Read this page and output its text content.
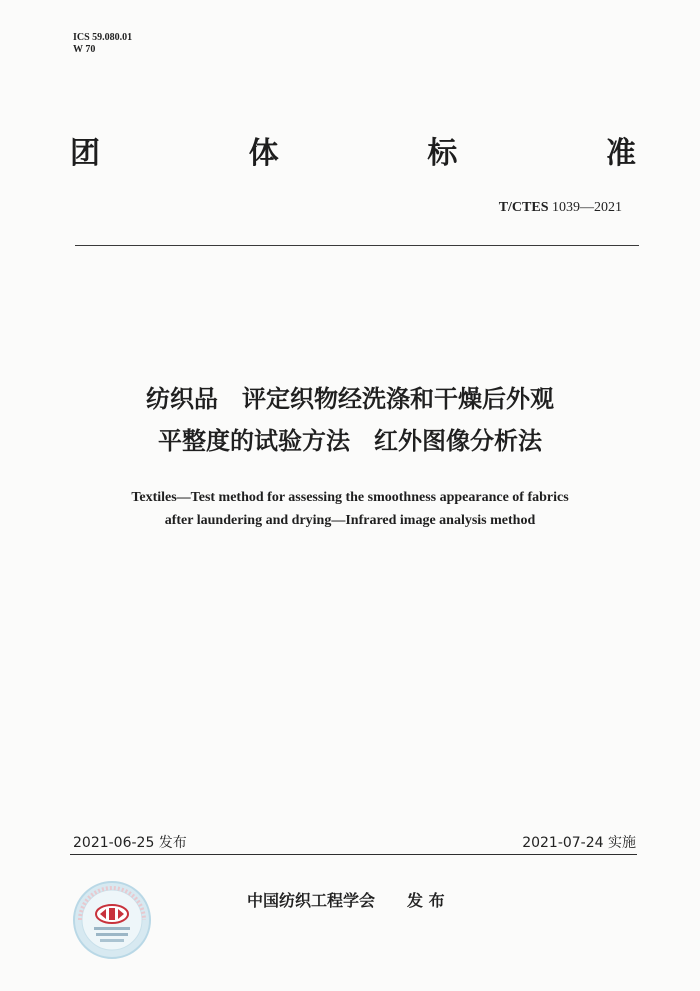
ICS 59.080.01
W 70
团	体	标	准
T/CTES 1039—2021
纺织品　评定织物经洗涤和干燥后外观
平整度的试验方法　红外图像分析法
Textiles—Test method for assessing the smoothness appearance of fabrics
after laundering and drying—Infrared image analysis method
2021-06-25 发布	2021-07-24 实施
中国纺织工程学会 发 布
